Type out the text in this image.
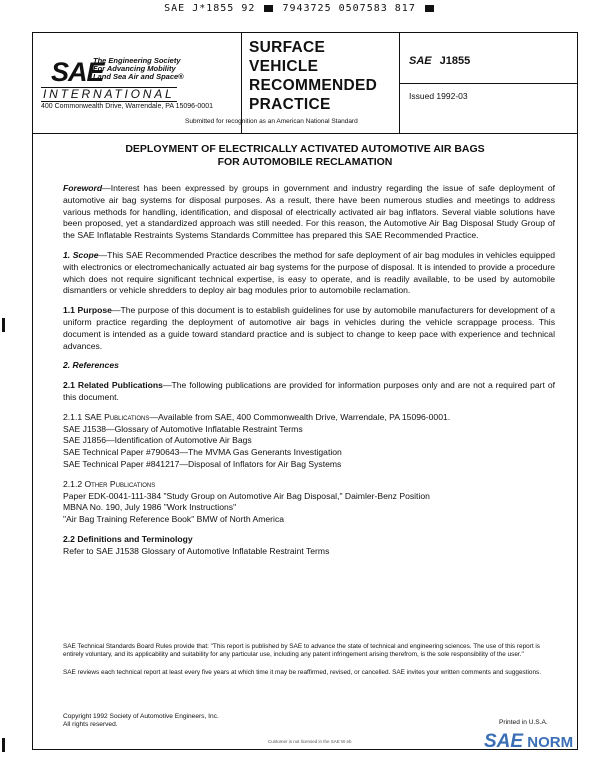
SAE J*1855 92	7943725 0507583 817
SAE
The Engineering Society
For Advancing Mobility
Land Sea Air and Space®
INTERNATIONAL
400 Commonwealth Drive, Warrendale, PA 15096-0001
SURFACE
VEHICLE
RECOMMENDED
PRACTICE
Submitted for recognition as an American National Standard
SAE J1855
Issued 1992-03
DEPLOYMENT OF ELECTRICALLY ACTIVATED AUTOMOTIVE AIR BAGS
FOR AUTOMOBILE RECLAMATION

Foreword—Interest has been expressed by groups in government and industry regarding the issue of safe deployment of automotive air bag systems for disposal purposes. As a result, there have been numerous studies and meetings to address various methods for handling, identification, and disposal of electrically activated air bag inflators. Several viable solutions have been proposed, yet a standardized approach was still needed. For this reason, the Automotive Air Bag Disposal Study Group of the SAE Inflatable Restraints Systems Standards Committee has prepared this SAE Recommended Practice.

1. Scope—This SAE Recommended Practice describes the method for safe deployment of air bag modules in vehicles equipped with electronics or electromechanically actuated air bag systems for the purpose of disposal. It is intended to provide a procedure which does not require significant technical expertise, is easy to operate, and is readily available, to be used by automobile dismantlers or vehicle shredders to deploy air bag modules prior to automobile reclamation.

1.1 Purpose—The purpose of this document is to establish guidelines for use by automobile manufacturers for development of a uniform practice regarding the deployment of automotive air bags in vehicles during the vehicle scrappage process. This document is intended as a guide toward standard practice and is subject to change to keep pace with experience and technical advances.

2. References

2.1 Related Publications—The following publications are provided for information purposes only and are not a required part of this document.

2.1.1 SAE Publications—Available from SAE, 400 Commonwealth Drive, Warrendale, PA 15096-0001.

SAE J1538—Glossary of Automotive Inflatable Restraint Terms

SAE J1856—Identification of Automotive Air Bags

SAE Technical Paper #790643—The MVMA Gas Generants Investigation

SAE Technical Paper #841217—Disposal of Inflators for Air Bag Systems

2.1.2 Other Publications

Paper EDK-0041-111-384 "Study Group on Automotive Air Bag Disposal," Daimler-Benz Position

MBNA No. 190, July 1986 "Work Instructions"

"Air Bag Training Reference Book" BMW of North America

2.2 Definitions and Terminology

Refer to SAE J1538 Glossary of Automotive Inflatable Restraint Terms

SAE Technical Standards Board Rules provide that: "This report is published by SAE to advance the state of technical and engineering sciences. The use of this report is entirely voluntary, and its applicability and suitability for any particular use, including any patent infringement arising therefrom, is the sole responsibility of the user."

SAE reviews each technical report at least every five years at which time it may be reaffirmed, revised, or cancelled. SAE invites your written comments and suggestions.

Copyright 1992 Society of Automotive Engineers, Inc.
All rights reserved.	Printed in U.S.A.
Customer is not licensed in the SAE W eb	SAE NORM
